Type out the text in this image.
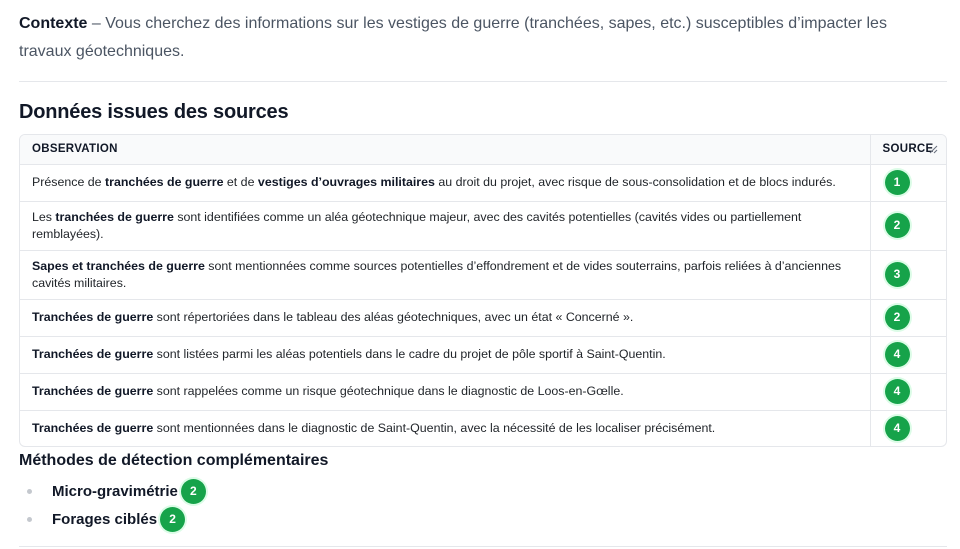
Contexte – Vous cherchez des informations sur les vestiges de guerre (tranchées, sapes, etc.) susceptibles d’impacter les travaux géotechniques.

Données issues des sources
OBSERVATION	SOURCE

Présence de tranchées de guerre et de vestiges d’ouvrages militaires au droit du projet, avec risque de sous-consolidation et de blocs indurés.	1
Les tranchées de guerre sont identifiées comme un aléa géotechnique majeur, avec des cavités potentielles (cavités vides ou partiellement remblayées).	2
Sapes et tranchées de guerre sont mentionnées comme sources potentielles d’effondrement et de vides souterrains, parfois reliées à d’anciennes cavités militaires.	3
Tranchées de guerre sont répertoriées dans le tableau des aléas géotechniques, avec un état « Concerné ».	2
Tranchées de guerre sont listées parmi les aléas potentiels dans le cadre du projet de pôle sportif à Saint-Quentin.	4
Tranchées de guerre sont rappelées comme un risque géotechnique dans le diagnostic de Loos-en-Gœlle.	4
Tranchées de guerre sont mentionnées dans le diagnostic de Saint-Quentin, avec la nécessité de les localiser précisément.	4
Méthodes de détection complémentaires
Micro-gravimétrie	2
Forages ciblés	2
